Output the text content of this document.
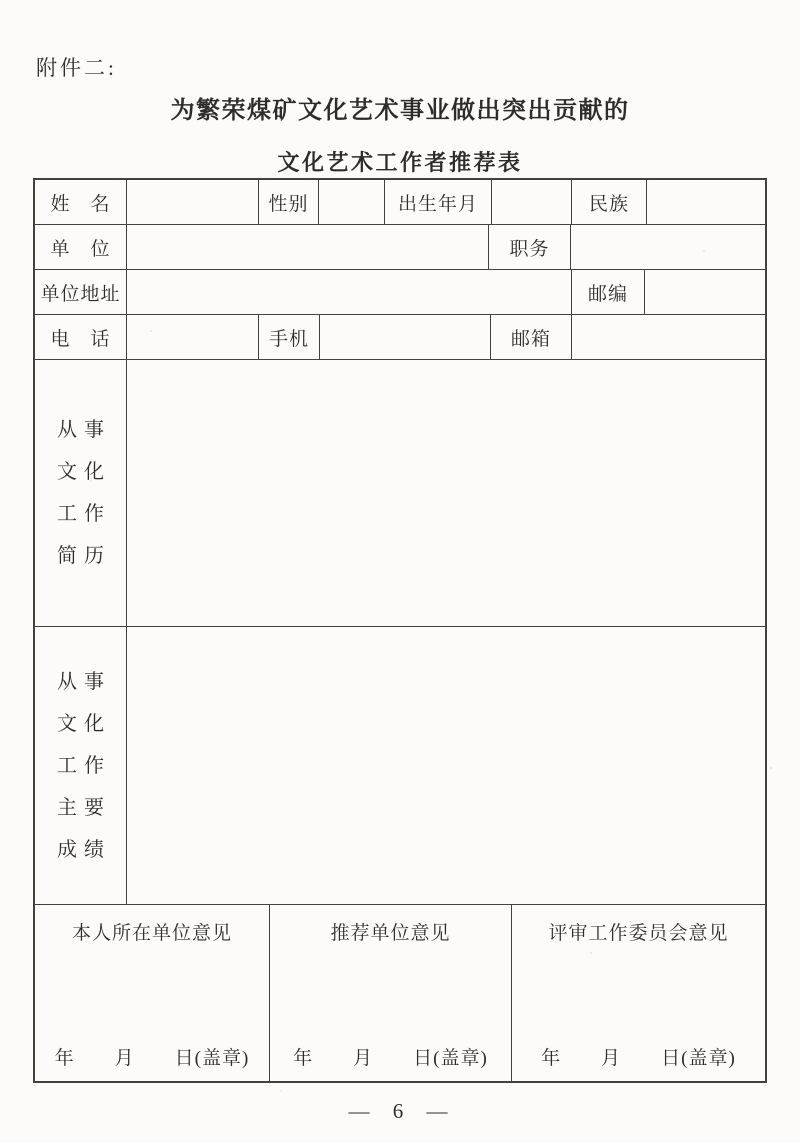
附件二:
为繁荣煤矿文化艺术事业做出突出贡献的
文化艺术工作者推荐表
姓　名	性别	出生年月	民族
单　位	职务
单位地址	邮编
电　话	手机	邮箱
从事
文化
工作
简历
从事
文化
工作
主要
成绩
本人所在单位意见
年　　月　　日(盖章)
推荐单位意见
年　　月　　日(盖章)
评审工作委员会意见
年　　月　　日(盖章)
— 6 —
